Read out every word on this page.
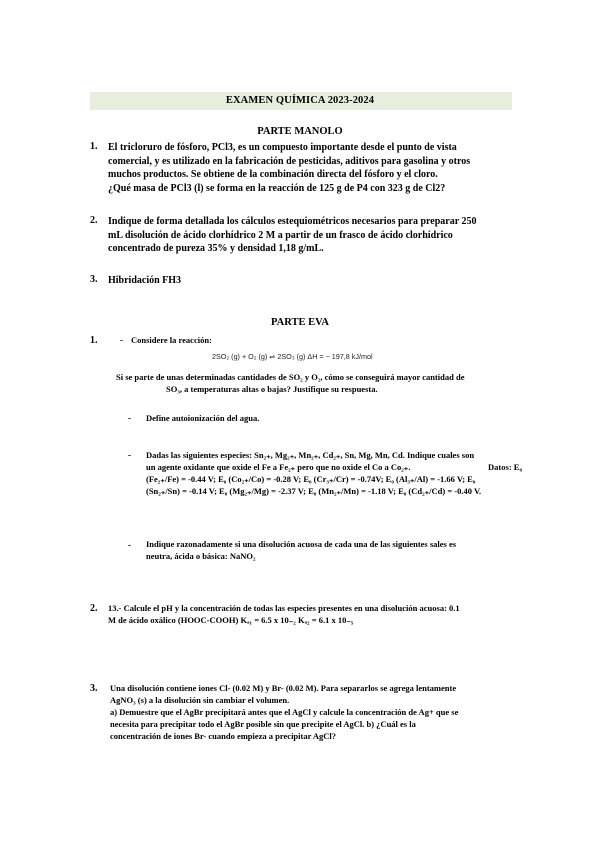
EXAMEN QUÍMICA 2023-2024
PARTE MANOLO
1. El tricloruro de fósforo, PCl3, es un compuesto importante desde el punto de vista
comercial, y es utilizado en la fabricación de pesticidas, aditivos para gasolina y otros
muchos productos. Se obtiene de la combinación directa del fósforo y el cloro.
¿Qué masa de PCl3 (l) se forma en la reacción de 125 g de P4 con 323 g de Cl2?
2. Indique de forma detallada los cálculos estequiométricos necesarios para preparar 250
mL disolución de ácido clorhídrico 2 M a partir de un frasco de ácido clorhídrico
concentrado de pureza 35% y densidad 1,18 g/mL.
3. Hibridación FH3
PARTE EVA
1.	- Considere la reacción:
2SO₂ (g) + O₂ (g) ⇌ 2SO₃ (g) ΔH = − 197,8 kJ/mol
Si se parte de unas determinadas cantidades de SO₂ y O₂, cómo se conseguirá mayor cantidad de
SO₃, a temperaturas altas o bajas? Justifique su respuesta.
- Define autoionización del agua.
- Dadas las siguientes especies: Sn₂₊, Mg₂₊, Mn₂₊, Cd₂₊, Sn, Mg, Mn, Cd. Indique cuales son
un agente oxidante que oxide el Fe a Fe₂₊ pero que no oxide el Co a Co₂₊.	Datos: E₀
(Fe₂₊/Fe) = -0.44 V; E₀ (Co₂₊/Co) = -0.28 V; E₀ (Cr₃₊/Cr) = -0.74V; E₀ (Al₃₊/Al) = -1.66 V; E₀
(Sn₂₊/Sn) = -0.14 V; E₀ (Mg₂₊/Mg) = -2.37 V; E₀ (Mn₂₊/Mn) = -1.18 V; E₀ (Cd₂₊/Cd) = -0.40 V.
- Indique razonadamente si una disolución acuosa de cada una de las siguientes sales es
neutra, ácida o básica: NaNO₂
2. 13.- Calcule el pH y la concentración de todas las especies presentes en una disolución acuosa: 0.1
M de ácido oxálico (HOOC-COOH) Kₐ₁ = 6.5 x 10₋₂ Kₐ₂ = 6.1 x 10₋₅
3. Una disolución contiene iones Cl- (0.02 M) y Br- (0.02 M). Para separarlos se agrega lentamente
AgNO₃ (s) a la disolución sin cambiar el volumen.
a) Demuestre que el AgBr precipitará antes que el AgCl y calcule la concentración de Ag+ que se
necesita para precipitar todo el AgBr posible sin que precipite el AgCl. b) ¿Cuál es la
concentración de iones Br- cuando empieza a precipitar AgCl?
